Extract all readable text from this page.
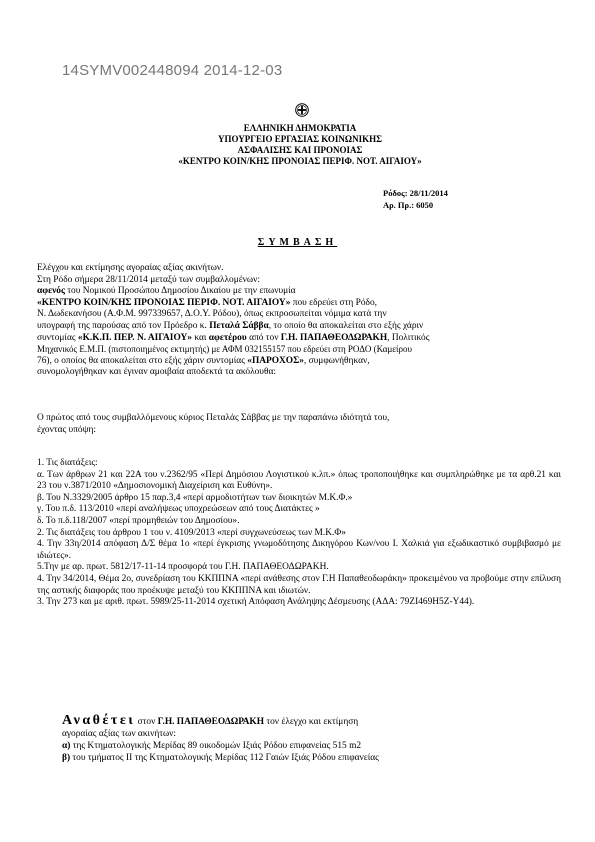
14SYMV002448094 2014-12-03
ΕΛΛΗΝΙΚΗ ΔΗΜΟΚΡΑΤΙΑ
ΥΠΟΥΡΓΕΙΟ ΕΡΓΑΣΙΑΣ ΚΟΙΝΩΝΙΚΗΣ
ΑΣΦΑΛΙΣΗΣ ΚΑΙ ΠΡΟΝΟΙΑΣ
«ΚΕΝΤΡΟ ΚΟΙΝ/ΚΗΣ ΠΡΟΝΟΙΑΣ ΠΕΡΙΦ. ΝΟΤ. ΑΙΓΑΙΟΥ»
Ρόδος: 28/11/2014
Αρ. Πρ.: 6050
ΣΥΜΒΑΣΗ

Ελέγχου και εκτίμησης αγοραίας αξίας ακινήτων.

Στη Ρόδο σήμερα 28/11/2014 μεταξύ των συμβαλλομένων:

αφενός του Νομικού Προσώπου Δημοσίου Δικαίου με την επωνυμία

«ΚΕΝΤΡΟ ΚΟΙΝ/ΚΗΣ ΠΡΟΝΟΙΑΣ ΠΕΡΙΦ. ΝΟΤ. ΑΙΓΑΙΟΥ» που εδρεύει στη Ρόδο,

Ν. Δωδεκανήσου (Α.Φ.Μ. 997339657, Δ.Ο.Υ. Ρόδου), όπως εκπροσωπείται νόμιμα κατά την

υπογραφή της παρούσας από τον Πρόεδρο κ. Πεταλά Σάββα, το οποίο θα αποκαλείται στο εξής χάριν

συντομίας «Κ.Κ.Π. ΠΕΡ. Ν. ΑΙΓΑΙΟΥ» και αφετέρου από τον Γ.Η. ΠΑΠΑΘΕΟΔΩΡΑΚΗ, Πολιτικός

Μηχανικός Ε.Μ.Π. (πιστοποιημένος εκτιμητής) με ΑΦΜ 032155157 που εδρεύει στη ΡΟΔΟ (Καμείρου

76), ο οποίος θα αποκαλείται στο εξής χάριν συντομίας «ΠΑΡΟΧΟΣ», συμφωνήθηκαν,

συνομολογήθηκαν και έγιναν αμοιβαία αποδεκτά τα ακόλουθα:

Ο πρώτος από τους συμβαλλόμενους κύριος Πεταλάς Σάββας με την παραπάνω ιδιότητά του,

έχοντας υπόψη:

1. Τις διατάξεις:

α. Των άρθρων 21 και 22Α του ν.2362/95 «Περί Δημόσιου Λογιστικού κ.λπ.» όπως τροποποιήθηκε και συμπληρώθηκε με τα αρθ.21 και 23 του ν.3871/2010 «Δημοσιονομική Διαχείριση και Ευθύνη».

β. Του Ν.3329/2005 άρθρο 15 παρ.3,4 «περί αρμοδιοτήτων των διοικητών Μ.Κ.Φ.»

γ. Του π.δ. 113/2010 «περί αναλήψεως υποχρεώσεων από τους Διατάκτες »

δ. Το π.δ.118/2007 «περί προμηθειών του Δημοσίου».

2. Τις διατάξεις του άρθρου 1 του ν. 4109/2013 «περί συγχωνεύσεως των Μ.Κ.Φ»

4. Την 33η/2014 απόφαση Δ/Σ θέμα 1ο «περί έγκρισης γνωμοδότησης Δικηγόρου Κων/νου Ι. Χαλκιά για εξωδικαστικό συμβιβασμό με ιδιώτες».

5.Την με αρ. πρωτ. 5812/17-11-14 προσφορά του Γ.Η. ΠΑΠΑΘΕΟΔΩΡΑΚΗ.

4. Την 34/2014, Θέμα 2ο, συνεδρίαση του ΚΚΠΠΝΑ «περί ανάθεσης στον Γ.Η Παπαθεοδωράκη» προκειμένου να προβούμε στην επίλυση της αστικής διαφοράς που προέκυψε μεταξύ του ΚΚΠΠΝΑ και ιδιωτών.

3. Την 273 και με αριθ. πρωτ. 5989/25-11-2014 σχετική Απόφαση Ανάληψης Δέσμευσης (ΑΔΑ: 79ΖΙ469Η5Ζ-Υ44).

Αναθέτει στον Γ.Η. ΠΑΠΑΘΕΟΔΩΡΑΚΗ τον έλεγχο και εκτίμηση

αγοραίας αξίας των ακινήτων:

α) της Κτηματολογικής Μερίδας 89 οικοδομών Ιξιάς Ρόδου επιφανείας 515 m2

β) του τμήματος ΙΙ της Κτηματολογικής Μερίδας 112 Γαιών Ιξιάς Ρόδου επιφανείας
